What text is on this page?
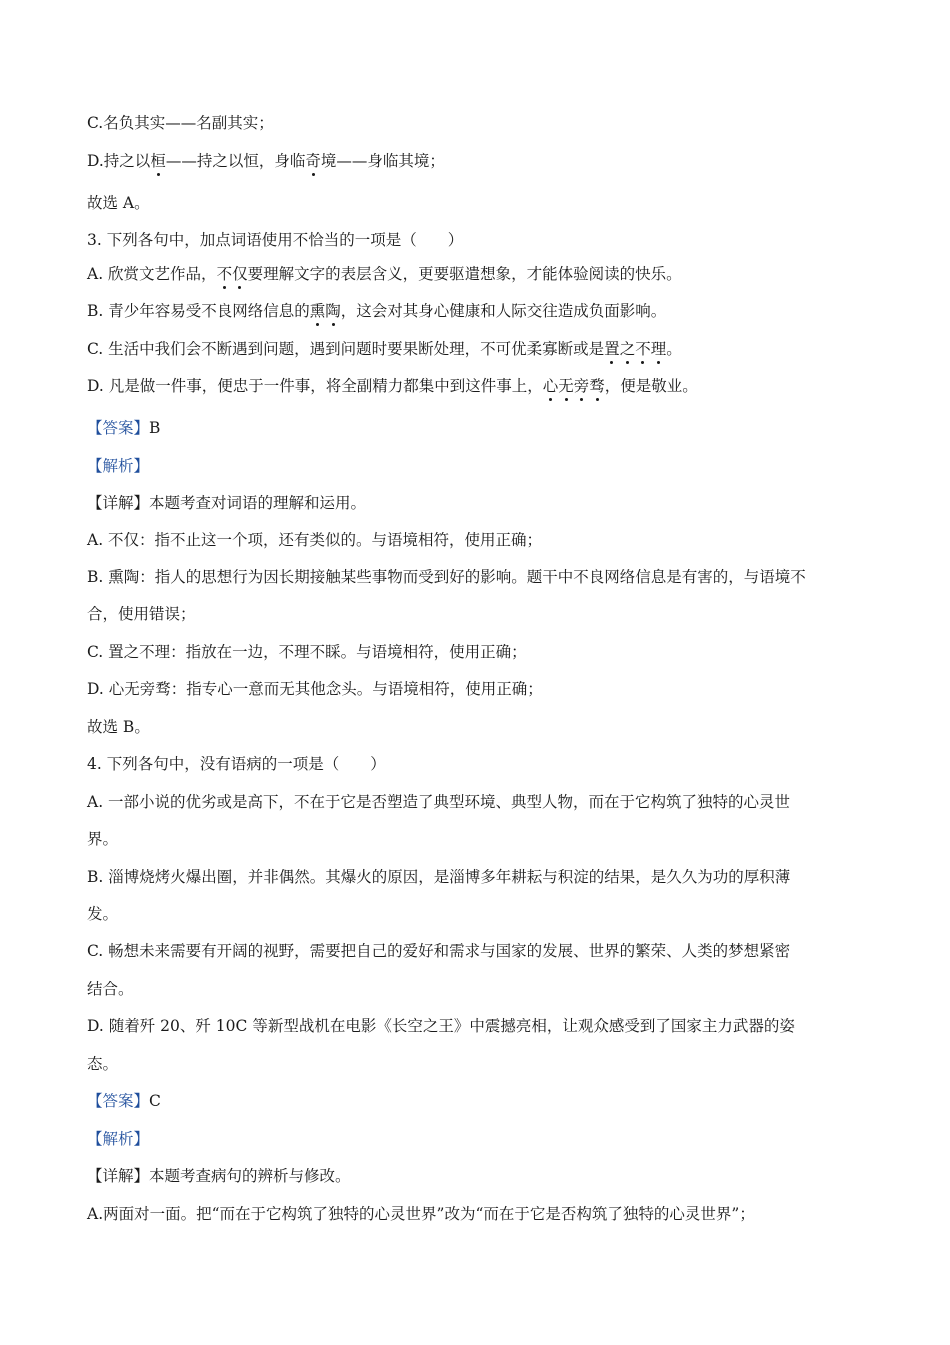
C.名负其实——名副其实；
D.持之以桓——持之以恒，身临奇境——身临其境；
故选 A。
3. 下列各句中，加点词语使用不恰当的一项是（　　）
A. 欣赏文艺作品，不仅要理解文字的表层含义，更要驱遣想象，才能体验阅读的快乐。
B. 青少年容易受不良网络信息的熏陶，这会对其身心健康和人际交往造成负面影响。
C. 生活中我们会不断遇到问题，遇到问题时要果断处理，不可优柔寡断或是置之不理。
D. 凡是做一件事，便忠于一件事，将全副精力都集中到这件事上，心无旁骛，便是敬业。
【答案】B
【解析】
【详解】本题考查对词语的理解和运用。
A. 不仅：指不止这一个项，还有类似的。与语境相符，使用正确；
B. 熏陶：指人的思想行为因长期接触某些事物而受到好的影响。题干中不良网络信息是有害的，与语境不
合，使用错误；
C. 置之不理：指放在一边，不理不睬。与语境相符，使用正确；
D. 心无旁骛：指专心一意而无其他念头。与语境相符，使用正确；
故选 B。
4. 下列各句中，没有语病的一项是（　　）
A. 一部小说的优劣或是高下，不在于它是否塑造了典型环境、典型人物，而在于它构筑了独特的心灵世
界。
B. 淄博烧烤火爆出圈，并非偶然。其爆火的原因，是淄博多年耕耘与积淀的结果，是久久为功的厚积薄
发。
C. 畅想未来需要有开阔的视野，需要把自己的爱好和需求与国家的发展、世界的繁荣、人类的梦想紧密
结合。
D. 随着歼 20、歼 10C 等新型战机在电影《长空之王》中震撼亮相，让观众感受到了国家主力武器的姿
态。
【答案】C
【解析】
【详解】本题考查病句的辨析与修改。
A.两面对一面。把“而在于它构筑了独特的心灵世界”改为“而在于它是否构筑了独特的心灵世界”；
